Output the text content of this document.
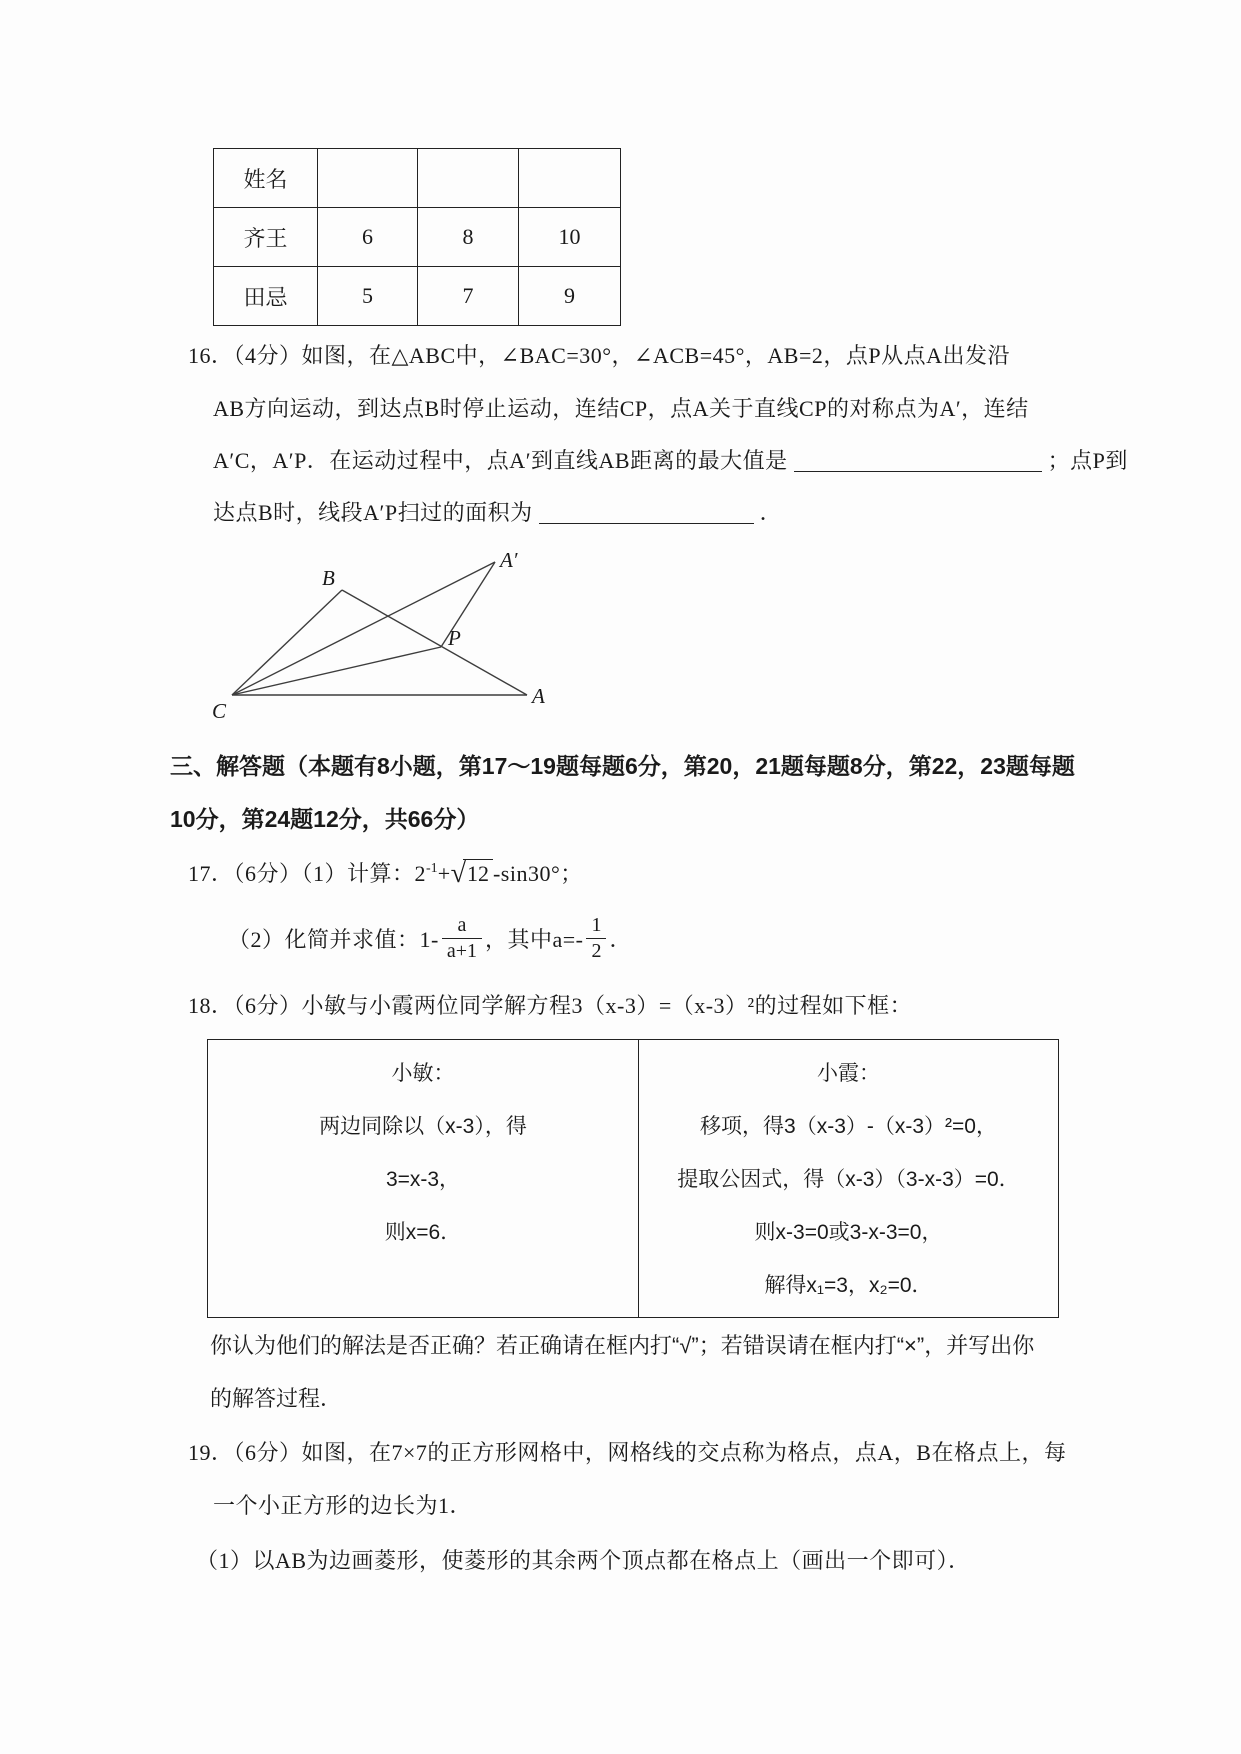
姓名			
齐王	6	8	10
田忌	5	7	9
16．（4分）如图，在△ABC中，∠BAC=30°，∠ACB=45°，AB=2，点P从点A出发沿
AB方向运动，到达点B时停止运动，连结CP，点A关于直线CP的对称点为A′，连结
A′C，A′P．在运动过程中，点A′到直线AB距离的最大值是	；点P到
达点B时，线段A′P扫过的面积为	．
B
A′
P
C
A
三、解答题（本题有8小题，第17～19题每题6分，第20，21题每题8分，第22，23题每题
10分，第24题12分，共66分）
17．（6分）（1）计算：$2^{-1}+√12$ -sin30°；
（2）化简并求值：$1- \frac{a}{a+1}$ ，其中$a=- \frac{1}{2}$ ．
18．（6分）小敏与小霞两位同学解方程3（x-3）=（x-3）²的过程如下框：
小敏：
两边同除以（x-3），得
3=x-3，
则x=6．
小霞：
移项，得3（x-3）-（x-3）²=0，
提取公因式，得（x-3）（3-x-3）=0．
则x-3=0或3-x-3=0，
解得x₁=3，x₂=0．
你认为他们的解法是否正确？若正确请在框内打“√”；若错误请在框内打“×”，并写出你
的解答过程．
19．（6分）如图，在7×7的正方形网格中，网格线的交点称为格点，点A，B在格点上，每
一个小正方形的边长为1．
（1）以AB为边画菱形，使菱形的其余两个顶点都在格点上（画出一个即可）．
